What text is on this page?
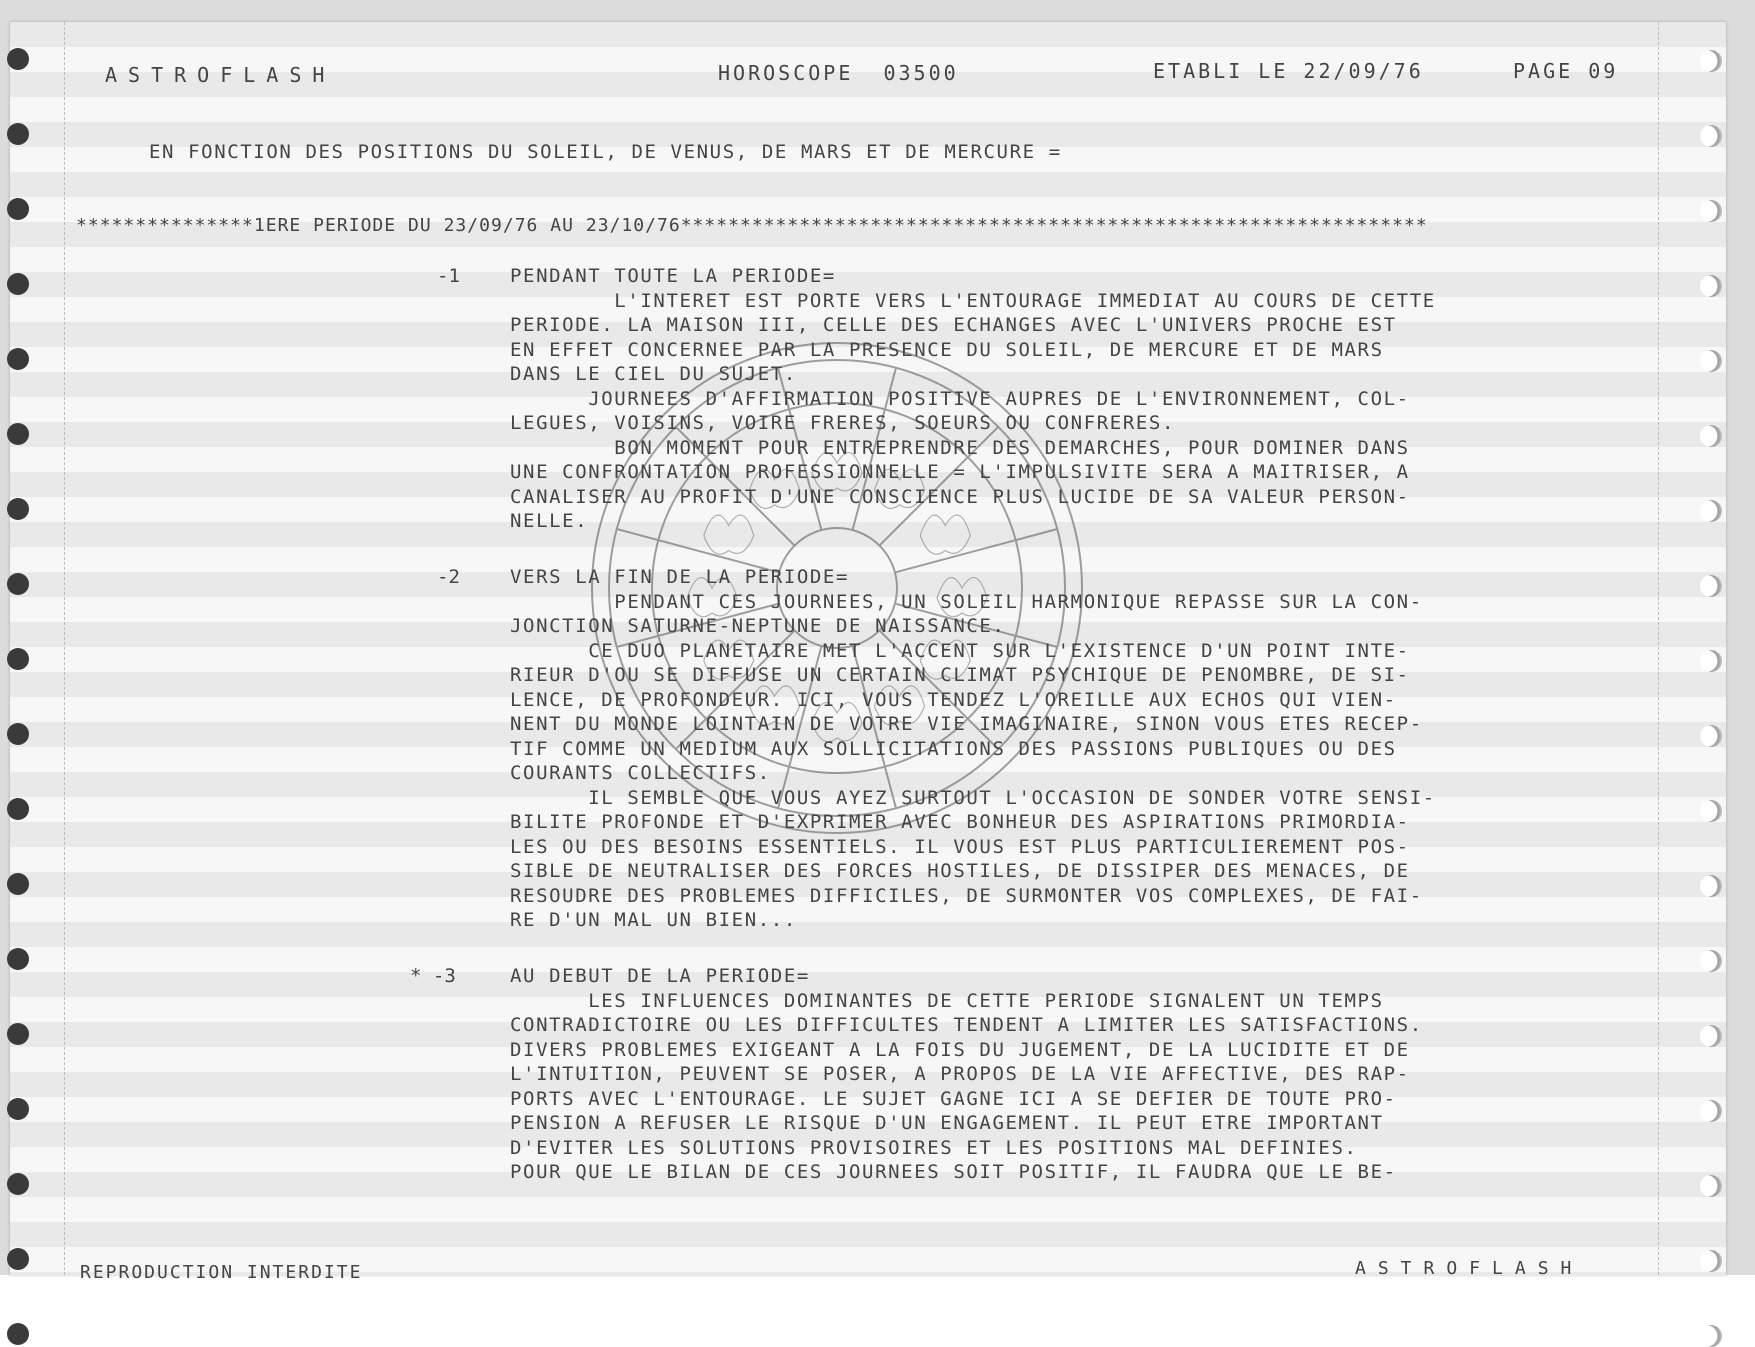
ASTROFLASH	HOROSCOPE  03500	ETABLI LE 22/09/76	PAGE 09
EN FONCTION DES POSITIONS DU SOLEIL, DE VENUS, DE MARS ET DE MERCURE =
***************1ERE PERIODE DU 23/09/76 AU 23/10/76***************************************************************
-1	PENDANT TOUTE LA PERIODE=
L'INTERET EST PORTE VERS L'ENTOURAGE IMMEDIAT AU COURS DE CETTE
PERIODE. LA MAISON III, CELLE DES ECHANGES AVEC L'UNIVERS PROCHE EST
EN EFFET CONCERNEE PAR LA PRESENCE DU SOLEIL, DE MERCURE ET DE MARS
DANS LE CIEL DU SUJET.
JOURNEES D'AFFIRMATION POSITIVE AUPRES DE L'ENVIRONNEMENT, COL-
LEGUES, VOISINS, VOIRE FRERES, SOEURS OU CONFRERES.
BON MOMENT POUR ENTREPRENDRE DES DEMARCHES, POUR DOMINER DANS
UNE CONFRONTATION PROFESSIONNELLE = L'IMPULSIVITE SERA A MAITRISER, A
CANALISER AU PROFIT D'UNE CONSCIENCE PLUS LUCIDE DE SA VALEUR PERSON-
NELLE.
-2	VERS LA FIN DE LA PERIODE=
PENDANT CES JOURNEES, UN SOLEIL HARMONIQUE REPASSE SUR LA CON-
JONCTION SATURNE-NEPTUNE DE NAISSANCE.
CE DUO PLANETAIRE MET L'ACCENT SUR L'EXISTENCE D'UN POINT INTE-
RIEUR D'OU SE DIFFUSE UN CERTAIN CLIMAT PSYCHIQUE DE PENOMBRE, DE SI-
LENCE, DE PROFONDEUR. ICI, VOUS TENDEZ L'OREILLE AUX ECHOS QUI VIEN-
NENT DU MONDE LOINTAIN DE VOTRE VIE IMAGINAIRE, SINON VOUS ETES RECEP-
TIF COMME UN MEDIUM AUX SOLLICITATIONS DES PASSIONS PUBLIQUES OU DES
COURANTS COLLECTIFS.
IL SEMBLE QUE VOUS AYEZ SURTOUT L'OCCASION DE SONDER VOTRE SENSI-
BILITE PROFONDE ET D'EXPRIMER AVEC BONHEUR DES ASPIRATIONS PRIMORDIA-
LES OU DES BESOINS ESSENTIELS. IL VOUS EST PLUS PARTICULIEREMENT POS-
SIBLE DE NEUTRALISER DES FORCES HOSTILES, DE DISSIPER DES MENACES, DE
RESOUDRE DES PROBLEMES DIFFICILES, DE SURMONTER VOS COMPLEXES, DE FAI-
RE D'UN MAL UN BIEN...
* -3	AU DEBUT DE LA PERIODE=
LES INFLUENCES DOMINANTES DE CETTE PERIODE SIGNALENT UN TEMPS
CONTRADICTOIRE OU LES DIFFICULTES TENDENT A LIMITER LES SATISFACTIONS.
DIVERS PROBLEMES EXIGEANT A LA FOIS DU JUGEMENT, DE LA LUCIDITE ET DE
L'INTUITION, PEUVENT SE POSER, A PROPOS DE LA VIE AFFECTIVE, DES RAP-
PORTS AVEC L'ENTOURAGE. LE SUJET GAGNE ICI A SE DEFIER DE TOUTE PRO-
PENSION A REFUSER LE RISQUE D'UN ENGAGEMENT. IL PEUT ETRE IMPORTANT
D'EVITER LES SOLUTIONS PROVISOIRES ET LES POSITIONS MAL DEFINIES.
POUR QUE LE BILAN DE CES JOURNEES SOIT POSITIF, IL FAUDRA QUE LE BE-
REPRODUCTION INTERDITE	ASTROFLASH
